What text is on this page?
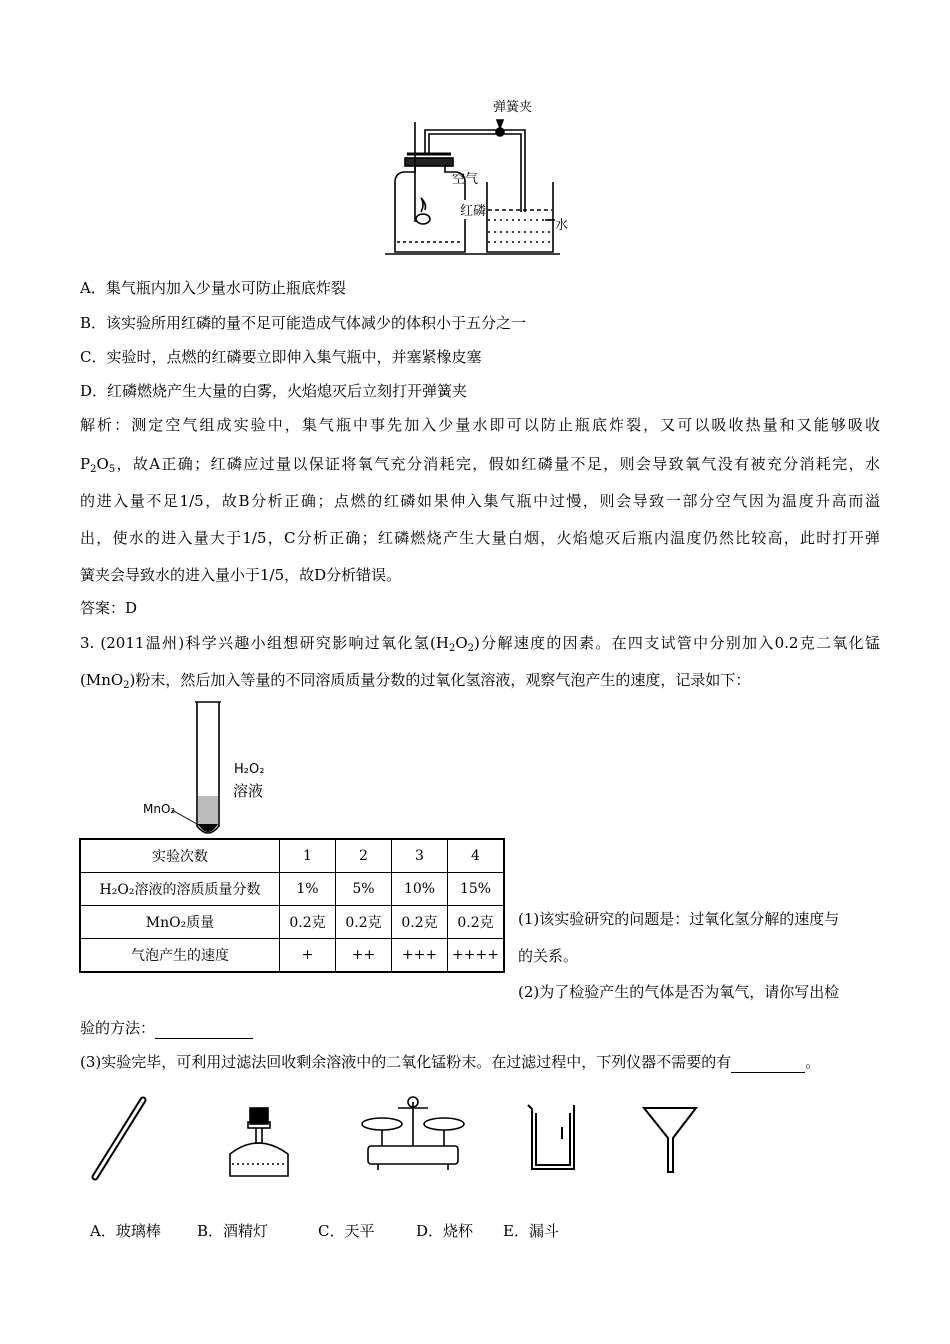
弹簧夹
空气
红磷
水
A．集气瓶内加入少量水可防止瓶底炸裂
B．该实验所用红磷的量不足可能造成气体减少的体积小于五分之一
C．实验时，点燃的红磷要立即伸入集气瓶中，并塞紧橡皮塞
D．红磷燃烧产生大量的白雾，火焰熄灭后立刻打开弹簧夹
解析：测定空气组成实验中，集气瓶中事先加入少量水即可以防止瓶底炸裂，又可以吸收热量和又能够吸收
$P_2O_5$，故A正确；红磷应过量以保证将氧气充分消耗完，假如红磷量不足，则会导致氧气没有被充分消耗完，水
的进入量不足1/5，故B分析正确；点燃的红磷如果伸入集气瓶中过慢，则会导致一部分空气因为温度升高而溢
出，使水的进入量大于1/5，C分析正确；红磷燃烧产生大量白烟，火焰熄灭后瓶内温度仍然比较高，此时打开弹
簧夹会导致水的进入量小于1/5，故D分析错误。
答案：D
3. (2011温州)科学兴趣小组想研究影响过氧化氢$(H_2O_2)$分解速度的因素。在四支试管中分别加入0.2克二氧化锰
(MnO$_2$)粉末，然后加入等量的不同溶质质量分数的过氧化氢溶液，观察气泡产生的速度，记录如下：
H₂O₂
溶液
MnO₂
实验次数	1	2	3	4
H₂O₂溶液的溶质质量分数	1%	5%	10%	15%
MnO₂质量	0.2克	0.2克	0.2克	0.2克
气泡产生的速度	+	++	+++	++++
(1)该实验研究的问题是：过氧化氢分解的速度与
的关系。
(2)为了检验产生的气体是否为氧气，请你写出检
验的方法：
(3)实验完毕，可利用过滤法回收剩余溶液中的二氧化锰粉末。在过滤过程中，下列仪器不需要的有	。
A．玻璃棒 B．酒精灯	C．天平	D．烧杯 E．漏斗
